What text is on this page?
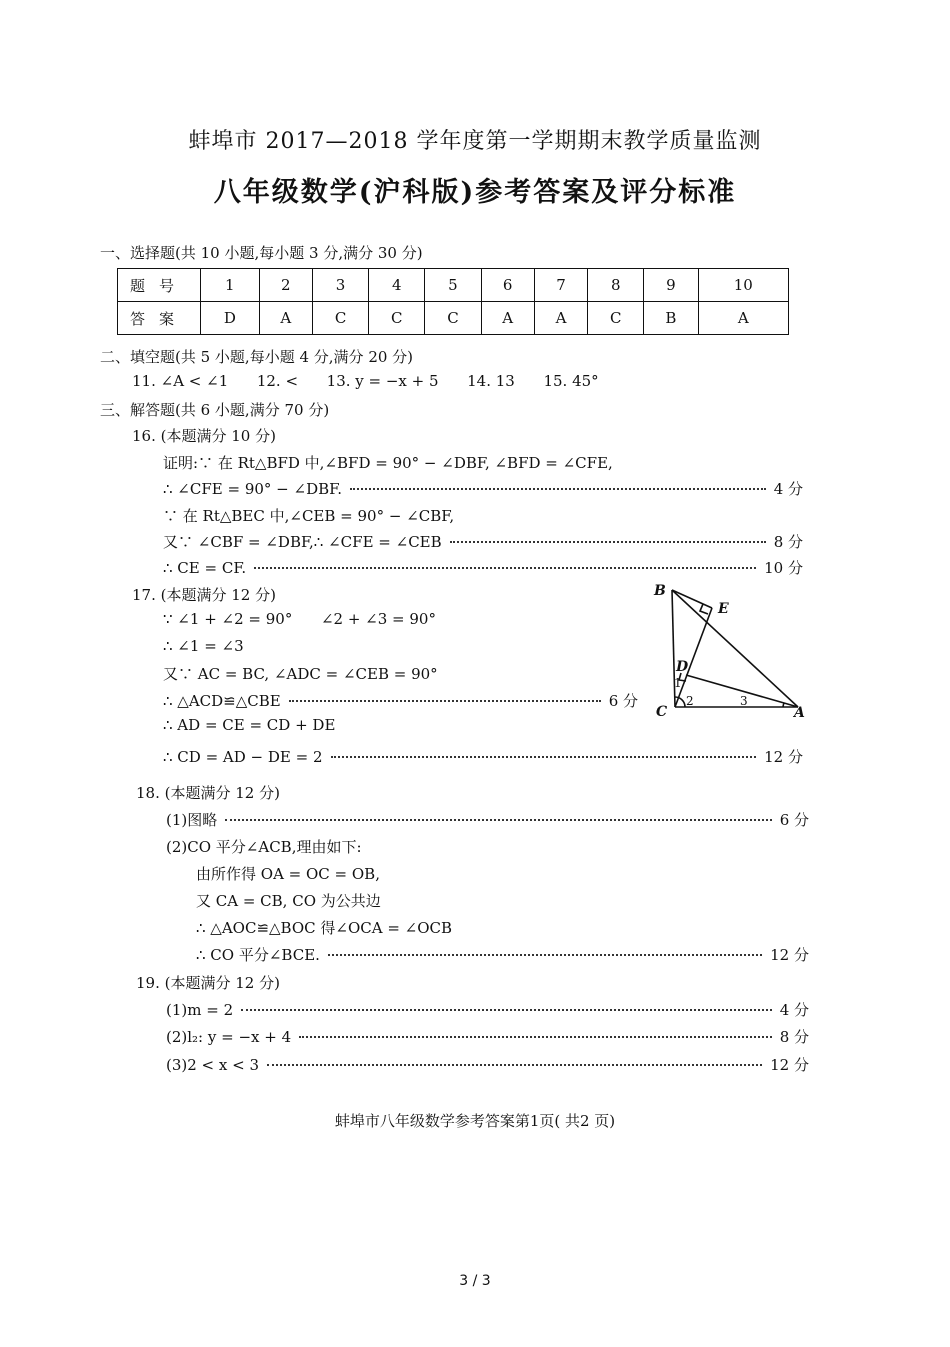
蚌埠市 2017—2018 学年度第一学期期末教学质量监测
八年级数学(沪科版)参考答案及评分标准
一、选择题(共 10 小题,每小题 3 分,满分 30 分)
题号	1	2	3	4	5	6	7	8	9	10
答案	D	A	C	C	C	A	A	C	B	A
二、填空题(共 5 小题,每小题 4 分,满分 20 分)
11. ∠A < ∠1      12. <      13. y = −x + 5      14. 13      15. 45°
三、解答题(共 6 小题,满分 70 分)
16. (本题满分 10 分)
证明:∵ 在 Rt△BFD 中,∠BFD = 90° − ∠DBF, ∠BFD = ∠CFE,
∴ ∠CFE = 90° − ∠DBF.	4 分
∵ 在 Rt△BEC 中,∠CEB = 90° − ∠CBF,
又∵ ∠CBF = ∠DBF,∴ ∠CFE = ∠CEB	8 分
∴ CE = CF.	10 分
17. (本题满分 12 分)
∵ ∠1 + ∠2 = 90°      ∠2 + ∠3 = 90°
∴ ∠1 = ∠3
又∵ AC = BC, ∠ADC = ∠CEB = 90°
∴ △ACD≌△CBE	6 分
∴ AD = CE = CD + DE
∴ CD = AD − DE = 2	12 分
B
E
D
C	A
1
2	3
18. (本题满分 12 分)
(1)图略	6 分
(2)CO 平分∠ACB,理由如下:
由所作得 OA = OC = OB,
又 CA = CB, CO 为公共边
∴ △AOC≌△BOC 得∠OCA = ∠OCB
∴ CO 平分∠BCE.	12 分
19. (本题满分 12 分)
(1)m = 2	4 分
(2)l₂: y = −x + 4	8 分
(3)2 < x < 3	12 分
蚌埠市八年级数学参考答案第1页( 共2 页)
3 / 3
